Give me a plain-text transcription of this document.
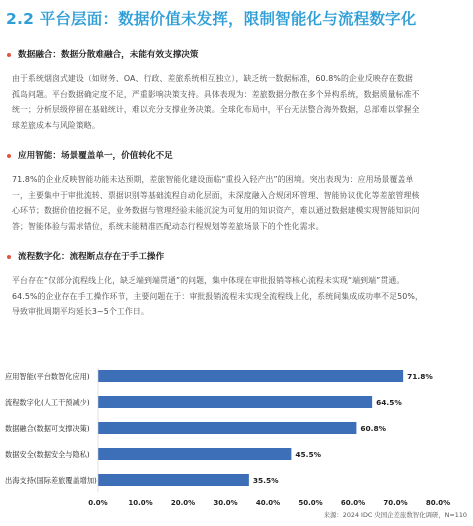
2.2 平台层面：数据价值未发挥，限制智能化与流程数字化
数据融合：数据分散难融合，未能有效支撑决策
由于系统烟囱式建设（如财务、OA、行政、差旅系统相互独立），缺乏统一数据标准，60.8%的企业反映存在数据
孤岛问题。平台数据确定度不足，严重影响决策支持。具体表现为：差旅数据分散在多个异构系统，数据质量标准不
统一；分析层级停留在基础统计，难以充分支撑业务决策。全球化布局中，平台无法整合海外数据，总部难以掌握全
球差旅成本与风险策略。
应用智能：场景覆盖单一，价值转化不足
71.8%的企业反映智能功能未达预期，差旅智能化建设面临“重投入轻产出”的困境。突出表现为：应用场景覆盖单
一，主要集中于审批流转、票据识别等基础流程自动化层面，未深度融入合规闭环管理、智能协议优化等差旅管理核
心环节；数据价值挖掘不足，业务数据与管理经验未能沉淀为可复用的知识资产，难以通过数据建模实现智能知识问
答；智能体验与需求错位，系统未能精准匹配动态行程规划等差旅场景下的个性化需求。
流程数字化：流程断点存在于手工操作
平台存在“仅部分流程线上化，缺乏端到端贯通”的问题，集中体现在审批报销等核心流程未实现“端到端”贯通。
64.5%的企业存在手工操作环节，主要问题在于：审批报销流程未实现全流程线上化，系统间集成成功率不足50%，
导致审批周期平均延长3~5个工作日。
应用智能(平台数智化应用)	71.8%
流程数字化(人工干预减少)	64.5%
数据融合(数据可支撑决策)	60.8%
数据安全(数据安全与隐私)	45.5%
出海支持(国际差旅覆盖增加)	35.5%
0.0%	10.0%	20.0%	30.0%	40.0%	50.0%	60.0%	70.0%	80.0%
来源：2024 IDC 央国企差旅数智化调研，N=110
